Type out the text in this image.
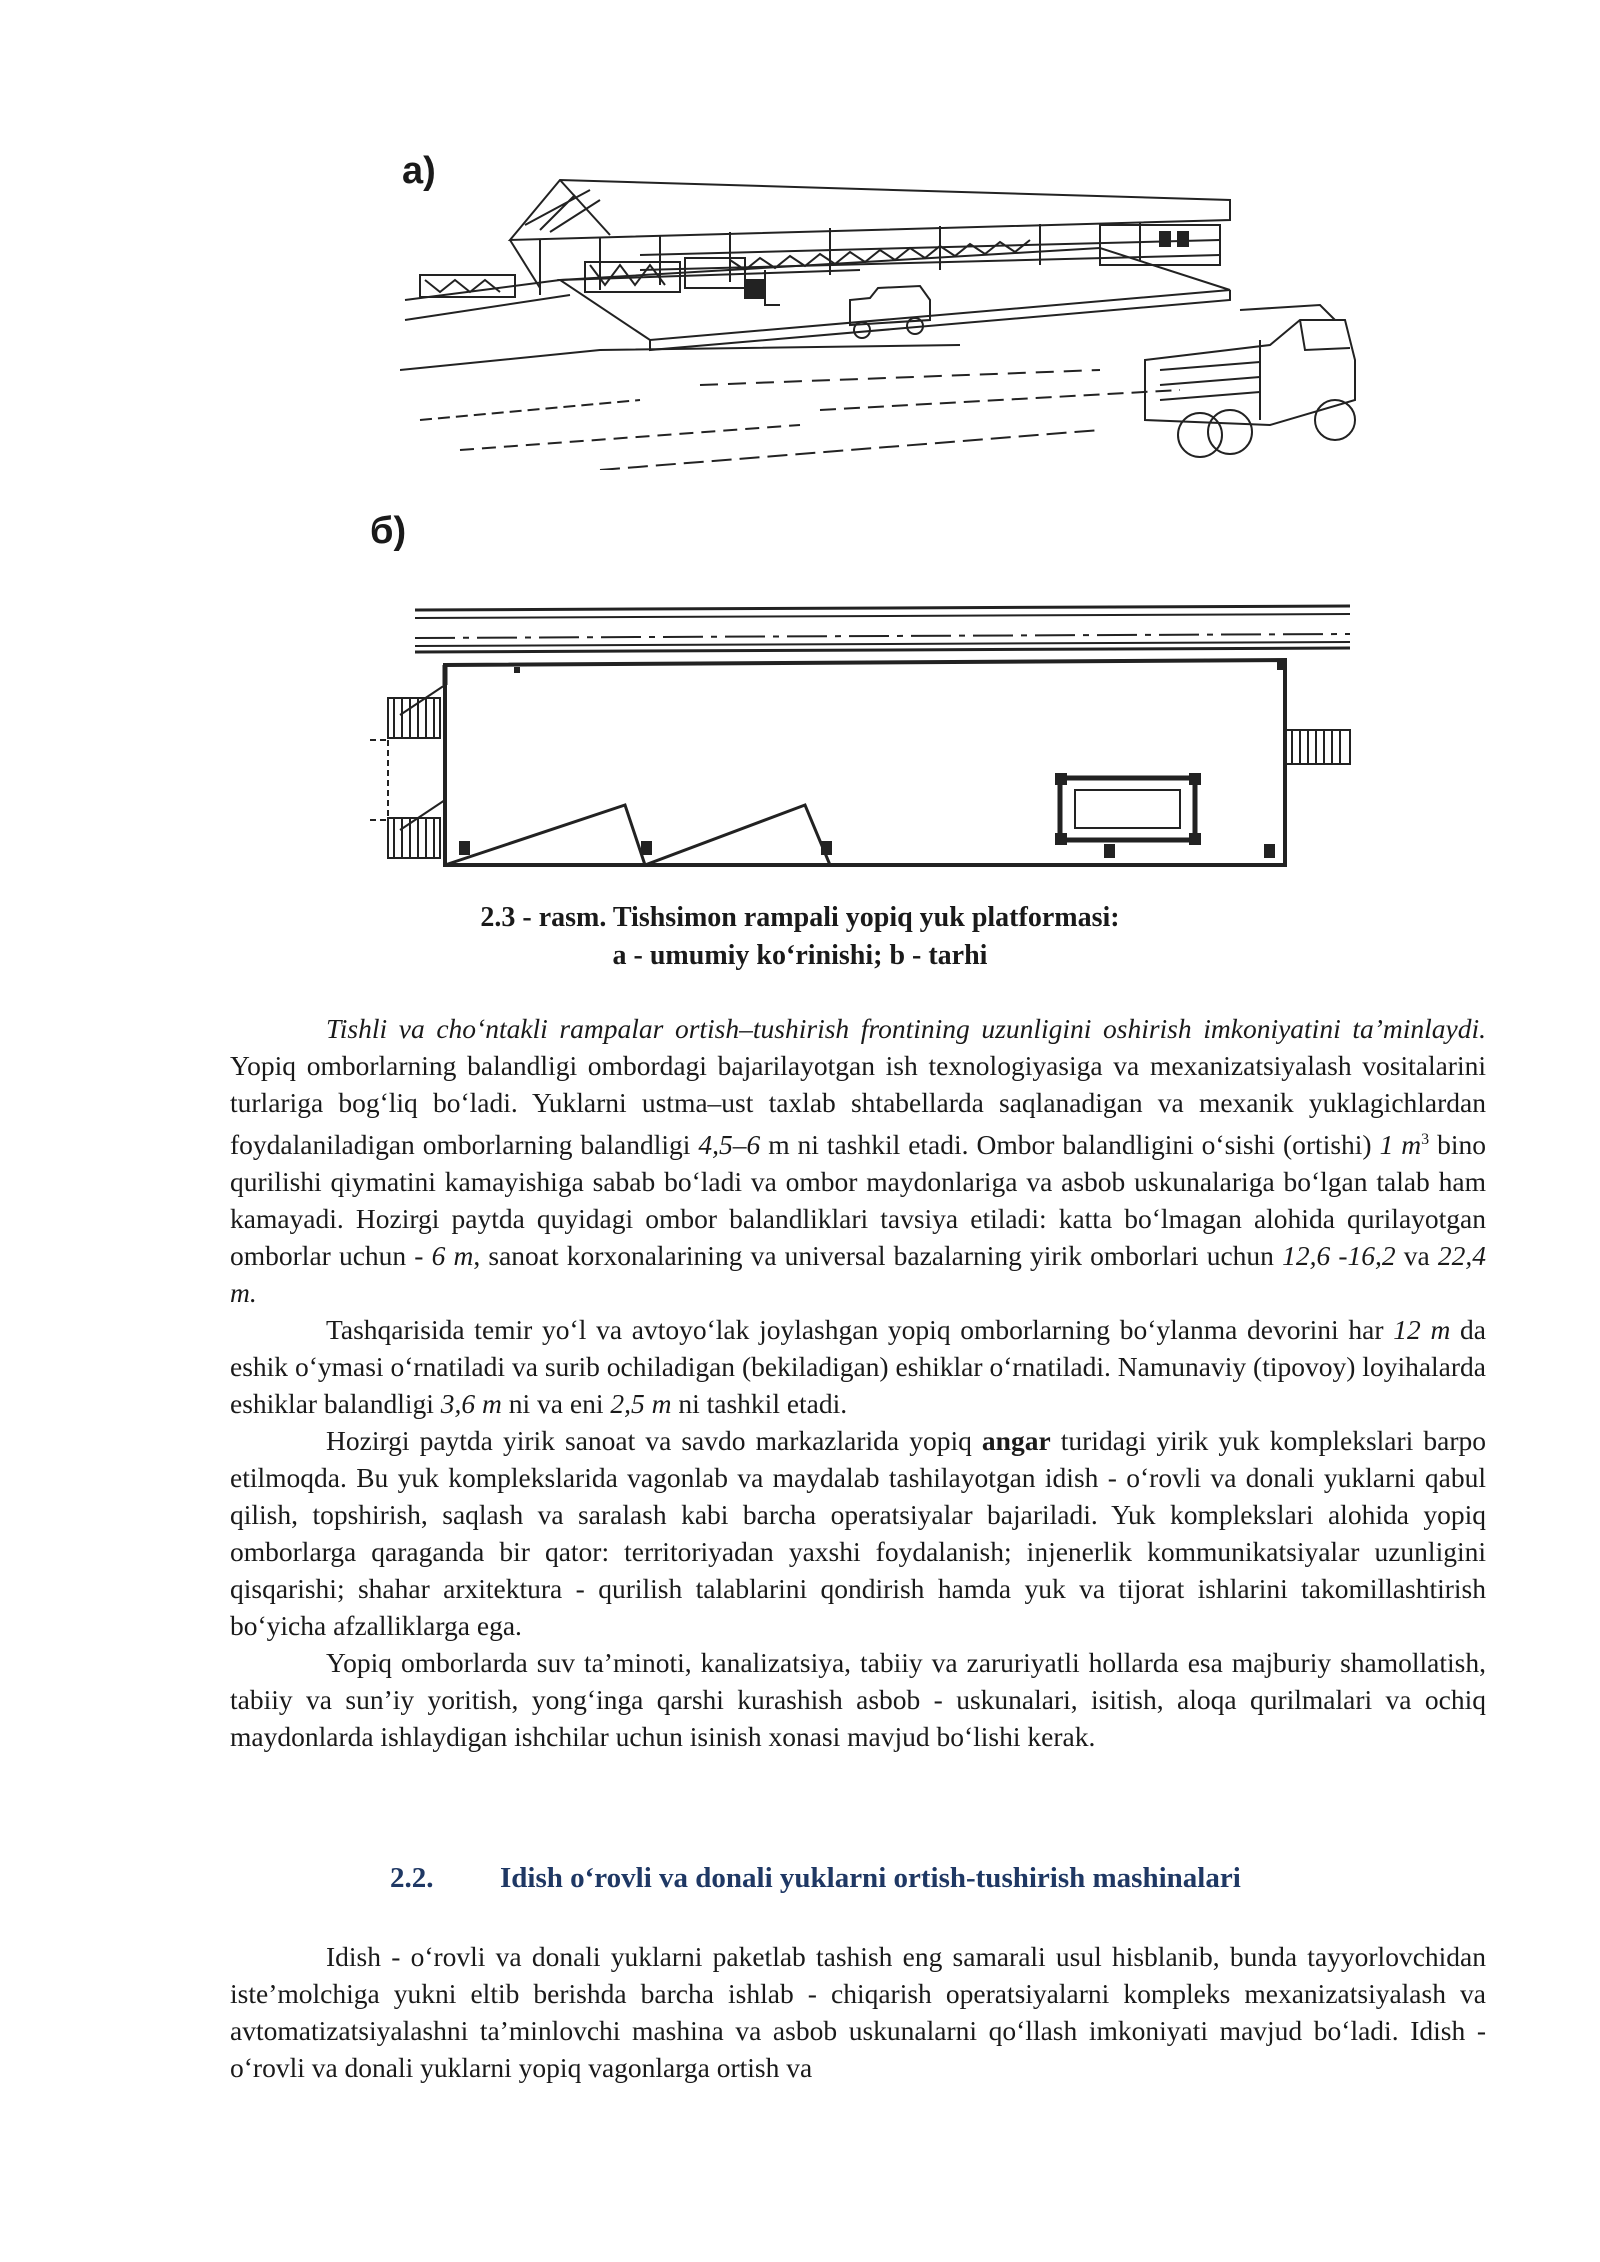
а)
б)
2.3 - rasm. Tishsimon rampali yopiq yuk platformasi:
a - umumiy ko‘rinishi; b - tarhi

Tishli va cho‘ntakli rampalar ortish–tushirish frontining uzunligini oshirish imkoniyatini ta’minlaydi. Yopiq omborlarning balandligi ombordagi bajarilayotgan ish texnologiyasiga va mexanizatsiyalash vositalarini turlariga bog‘liq bo‘ladi. Yuklarni ustma–ust taxlab shtabellarda saqlanadigan va mexanik yuklagichlardan foydalaniladigan omborlarning balandligi 4,5–6 m ni tashkil etadi. Ombor balandligini o‘sishi (ortishi) 1 $m^3$ bino qurilishi qiymatini kamayishiga sabab bo‘ladi va ombor maydonlariga va asbob uskunalariga bo‘lgan talab ham kamayadi. Hozirgi paytda quyidagi ombor balandliklari tavsiya etiladi: katta bo‘lmagan alohida qurilayotgan omborlar uchun - 6 m, sanoat korxonalarining va universal bazalarning yirik omborlari uchun 12,6 -16,2 va 22,4 m.

Tashqarisida temir yo‘l va avtoyo‘lak joylashgan yopiq omborlarning bo‘ylanma devorini har 12 m da eshik o‘ymasi o‘rnatiladi va surib ochiladigan (bekiladigan) eshiklar o‘rnatiladi. Namunaviy (tipovoy) loyihalarda eshiklar balandligi 3,6 m ni va eni 2,5 m ni tashkil etadi.

Hozirgi paytda yirik sanoat va savdo markazlarida yopiq angar turidagi yirik yuk komplekslari barpo etilmoqda. Bu yuk komplekslarida vagonlab va maydalab tashilayotgan idish - o‘rovli va donali yuklarni qabul qilish, topshirish, saqlash va saralash kabi barcha operatsiyalar bajariladi. Yuk komplekslari alohida yopiq omborlarga qaraganda bir qator: territoriyadan yaxshi foydalanish; injenerlik kommunikatsiyalar uzunligini qisqarishi; shahar arxitektura - qurilish talablarini qondirish hamda yuk va tijorat ishlarini takomillashtirish bo‘yicha afzalliklarga ega.

Yopiq omborlarda suv ta’minoti, kanalizatsiya, tabiiy va zaruriyatli hollarda esa majburiy shamollatish, tabiiy va sun’iy yoritish, yong‘inga qarshi kurashish asbob - uskunalari, isitish, aloqa qurilmalari va ochiq maydonlarda ishlaydigan ishchilar uchun isinish xonasi mavjud bo‘lishi kerak.

2.2. Idish o‘rovli va donali yuklarni ortish-tushirish mashinalari

Idish - o‘rovli va donali yuklarni paketlab tashish eng samarali usul hisblanib, bunda tayyorlovchidan iste’molchiga yukni eltib berishda barcha ishlab - chiqarish operatsiyalarni kompleks mexanizatsiyalash va avtomatizatsiyalashni ta’minlovchi mashina va asbob uskunalarni qo‘llash imkoniyati mavjud bo‘ladi. Idish - o‘rovli va donali yuklarni yopiq vagonlarga ortish va
